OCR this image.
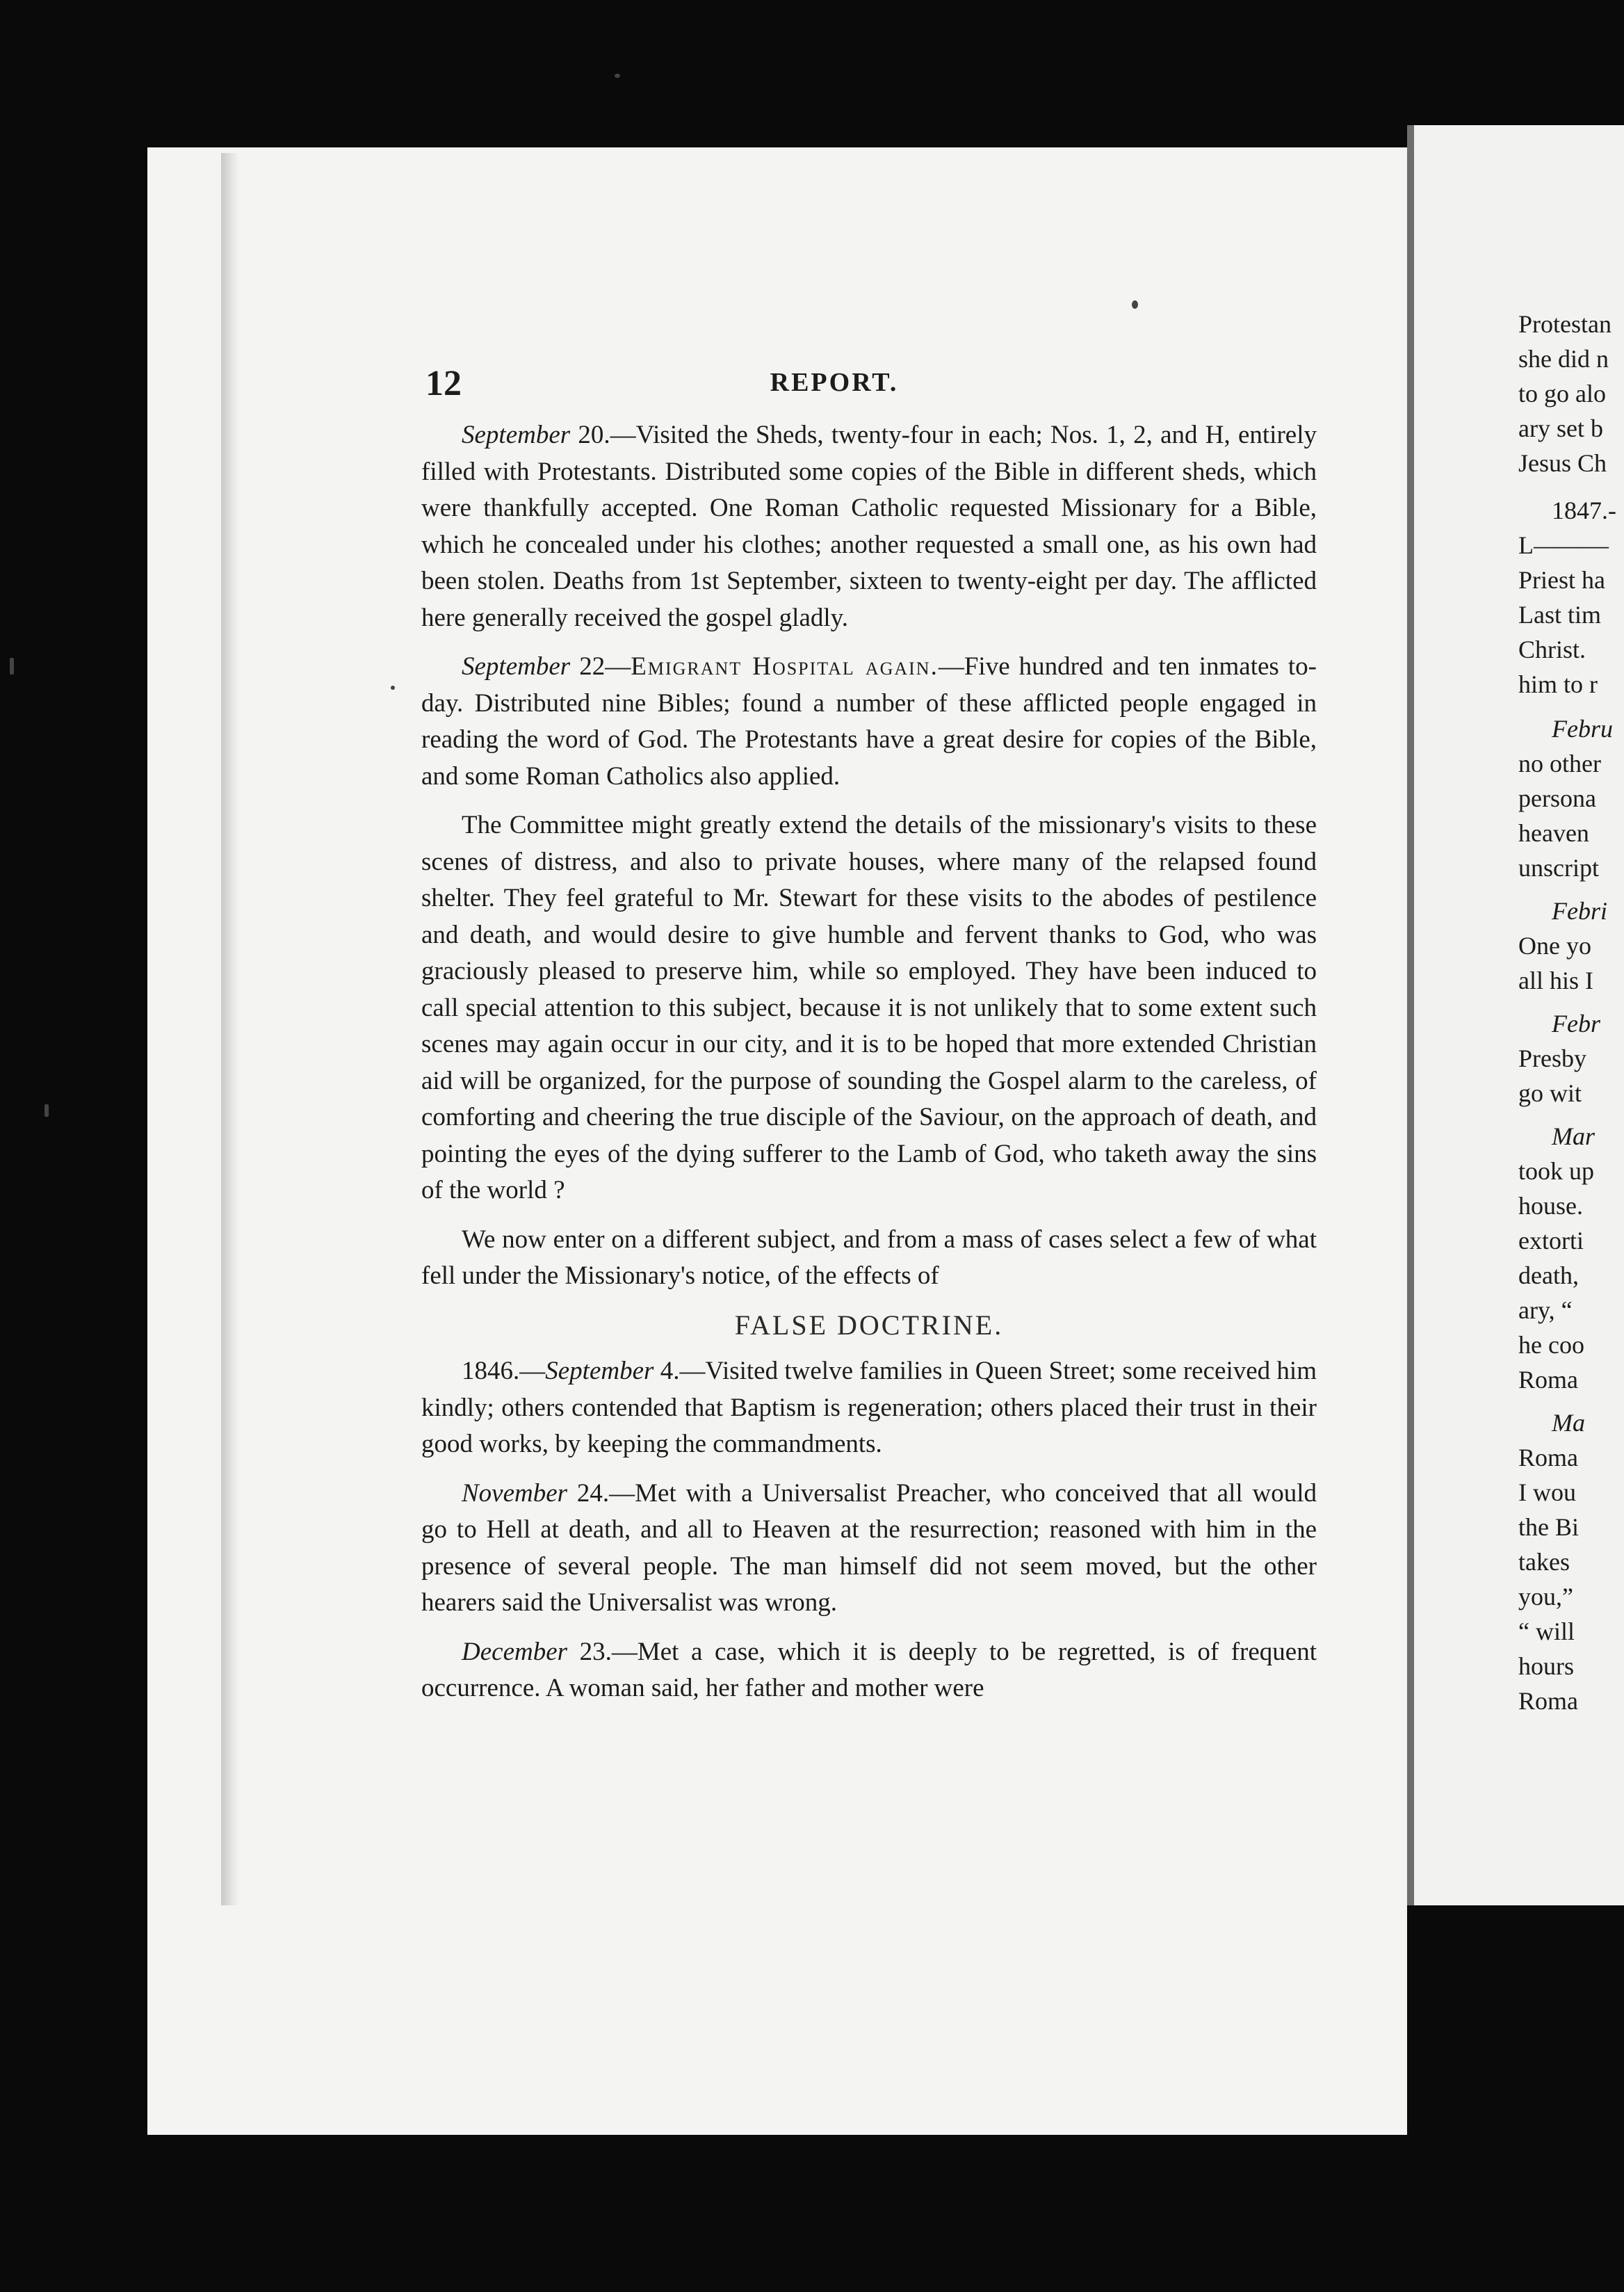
12	REPORT.

September 20.—Visited the Sheds, twenty-four in each; Nos. 1, 2, and H, entirely filled with Protestants. Distributed some copies of the Bible in different sheds, which were thankfully accepted. One Roman Catholic requested Missionary for a Bible, which he concealed under his clothes; another requested a small one, as his own had been stolen. Deaths from 1st September, sixteen to twenty-eight per day. The afflicted here generally received the gospel gladly.

September 22—Emigrant Hospital again.—Five hundred and ten inmates to-day. Distributed nine Bibles; found a number of these afflicted people engaged in reading the word of God. The Protestants have a great desire for copies of the Bible, and some Roman Catholics also applied.

The Committee might greatly extend the details of the missionary's visits to these scenes of distress, and also to private houses, where many of the relapsed found shelter. They feel grateful to Mr. Stewart for these visits to the abodes of pestilence and death, and would desire to give humble and fervent thanks to God, who was graciously pleased to preserve him, while so employed. They have been induced to call special attention to this subject, because it is not unlikely that to some extent such scenes may again occur in our city, and it is to be hoped that more extended Christian aid will be organized, for the purpose of sounding the Gospel alarm to the careless, of comforting and cheering the true disciple of the Saviour, on the approach of death, and pointing the eyes of the dying sufferer to the Lamb of God, who taketh away the sins of the world ?

We now enter on a different subject, and from a mass of cases select a few of what fell under the Missionary's notice, of the effects of

FALSE DOCTRINE.

1846.—September 4.—Visited twelve families in Queen Street; some received him kindly; others contended that Baptism is regeneration; others placed their trust in their good works, by keeping the commandments.

November 24.—Met with a Universalist Preacher, who conceived that all would go to Hell at death, and all to Heaven at the resurrection; reasoned with him in the presence of several people. The man himself did not seem moved, but the other hearers said the Universalist was wrong.

December 23.—Met a case, which it is deeply to be regretted, is of frequent occurrence. A woman said, her father and mother were

Protestan
she did n
to go alo
ary set b
Jesus Ch
1847.-
L———
Priest ha
Last tim
Christ.
him to r
Febru
no other
persona
heaven
unscript
Febri
One yo
all his I
Febr
Presby
go wit
Mar
took up
house.
extorti
death,
ary, “
he coo
Roma
Ma
Roma
I wou
the Bi
takes
you,”
“ will
hours
Roma
